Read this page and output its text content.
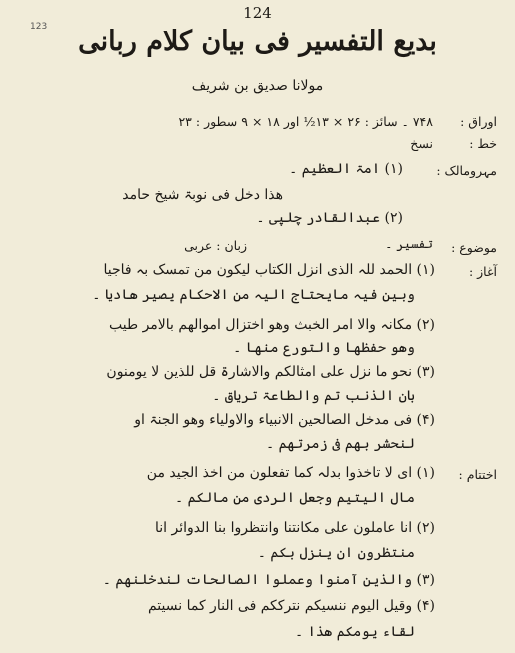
124
123	بدیع التفسیر فی بیان کلام ربانی
مولانا صدیق بن شریف
اوراق :
۷۴۸ ۔ سائز : ۲۶ × ۱۳½ اور ۱۸ × ۹ سطور : ۲۳
خط :
نسخ
مہرومالک :
(۱) امۃ العظیم ۔
ھذا دخل فی نوبۃ شیخ حامد
(۲) عبدالقادر چلپی ۔
موضوع :
تفسیر ۔
زبان : عربی
آغاز :
(۱) الحمد للہ الذی انزل الکتاب لیکون من تمسک بہ فاجیا
وبین فیہ مایحتاج الیہ من الاحکام یصیر ھادیا ۔
(۲) مکانہ والا امر الخبث وھو اختزال اموالھم بالامر طیب
وھو حفظھا والتورع منھا ۔
(۳) نحو ما نزل علی امثالکم والاشارۃ قل للذین لا یومنون
بان الذنب تم والطاعۃ تریاق ۔
(۴) فی مدخل الصالحین الانبیاء والاولیاء وھو الجنۃ او
لنحشر بھم فی زمرتھم ۔
اختتام :
(۱) ای لا تاخذوا بدلہ کما تفعلون من اخذ الجید من
مال الیتیم وجعل الردی من مالکم ۔
(۲) انا عاملون علی مکانتنا وانتظروا بنا الدوائر انا
منتظرون ان ینزل بکم ۔
(۳) والذین آمنوا وعملوا الصالحات لندخلنھم ۔
(۴) وقیل الیوم ننسیکم نترککم فی النار کما نسیتم
لقاء یومکم ھذا ۔
